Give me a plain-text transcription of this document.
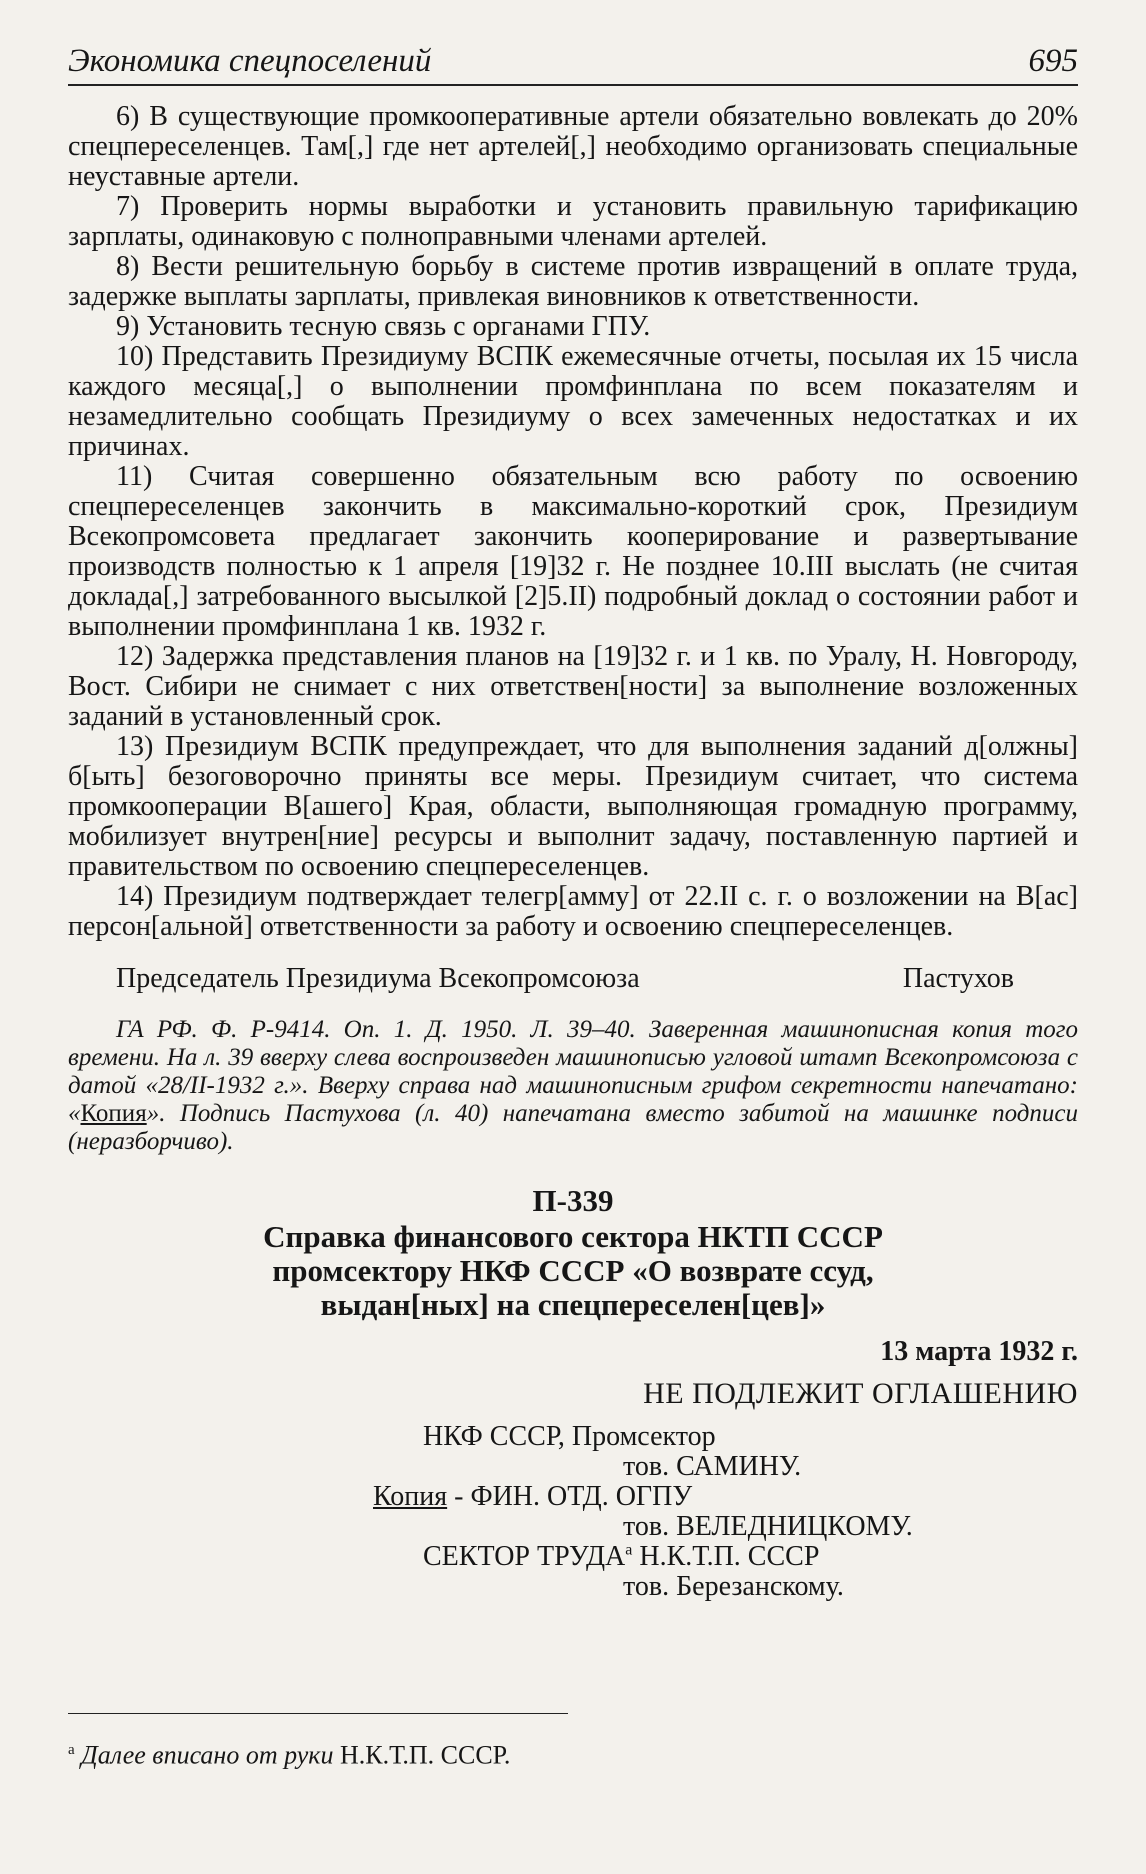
Экономика спецпоселений	695

6) В существующие промкооперативные артели обязательно вовлекать до 20% спецпереселенцев. Там[,] где нет артелей[,] необходимо организовать специальные неуставные артели.

7) Проверить нормы выработки и установить правильную тарификацию зарплаты, одинаковую с полноправными членами артелей.

8) Вести решительную борьбу в системе против извращений в оплате труда, задержке выплаты зарплаты, привлекая виновников к ответственности.

9) Установить тесную связь с органами ГПУ.

10) Представить Президиуму ВСПК ежемесячные отчеты, посылая их 15 числа каждого месяца[,] о выполнении промфинплана по всем показателям и незамедлительно сообщать Президиуму о всех замеченных недостатках и их причинах.

11) Считая совершенно обязательным всю работу по освоению спецпереселенцев закончить в максимально-короткий срок, Президиум Всекопромсовета предлагает закончить кооперирование и развертывание производств полностью к 1 апреля [19]32 г. Не позднее 10.III выслать (не считая доклада[,] затребованного высылкой [2]5.II) подробный доклад о состоянии работ и выполнении промфинплана 1 кв. 1932 г.

12) Задержка представления планов на [19]32 г. и 1 кв. по Уралу, Н. Новгороду, Вост. Сибири не снимает с них ответствен[ности] за выполнение возложенных заданий в установленный срок.

13) Президиум ВСПК предупреждает, что для выполнения заданий д[олжны] б[ыть] безоговорочно приняты все меры. Президиум считает, что система промкооперации В[ашего] Края, области, выполняющая громадную программу, мобилизует внутрен[ние] ресурсы и выполнит задачу, поставленную партией и правительством по освоению спецпереселенцев.

14) Президиум подтверждает телегр[амму] от 22.II с. г. о возложении на В[ас] персон[альной] ответственности за работу и освоению спецпереселенцев.

Председатель Президиума Всекопромсоюза	Пастухов
ГА РФ. Ф. Р-9414. Оп. 1. Д. 1950. Л. 39–40. Заверенная машинописная копия того времени. На л. 39 вверху слева воспроизведен машинописью угловой штамп Всекопромсоюза с датой «28/II-1932 г.». Вверху справа над машинописным грифом секретности напечатано: «Копия». Подпись Пастухова (л. 40) напечатана вместо забитой на машинке подписи (неразборчиво).
П-339
Справка финансового сектора НКТП СССР
промсектору НКФ СССР «О возврате ссуд,
выдан[ных] на спецпереселен[цев]»
13 марта 1932 г.
НЕ ПОДЛЕЖИТ ОГЛАШЕНИЮ
НКФ СССР, Промсектор
тов. САМИНУ.
Копия - ФИН. ОТД. ОГПУ
тов. ВЕЛЕДНИЦКОМУ.
СЕКТОР $ТРУДА^а$ Н.К.Т.П. СССР
тов. Березанскому.
$^а$ Далее вписано от руки Н.К.Т.П. СССР.
